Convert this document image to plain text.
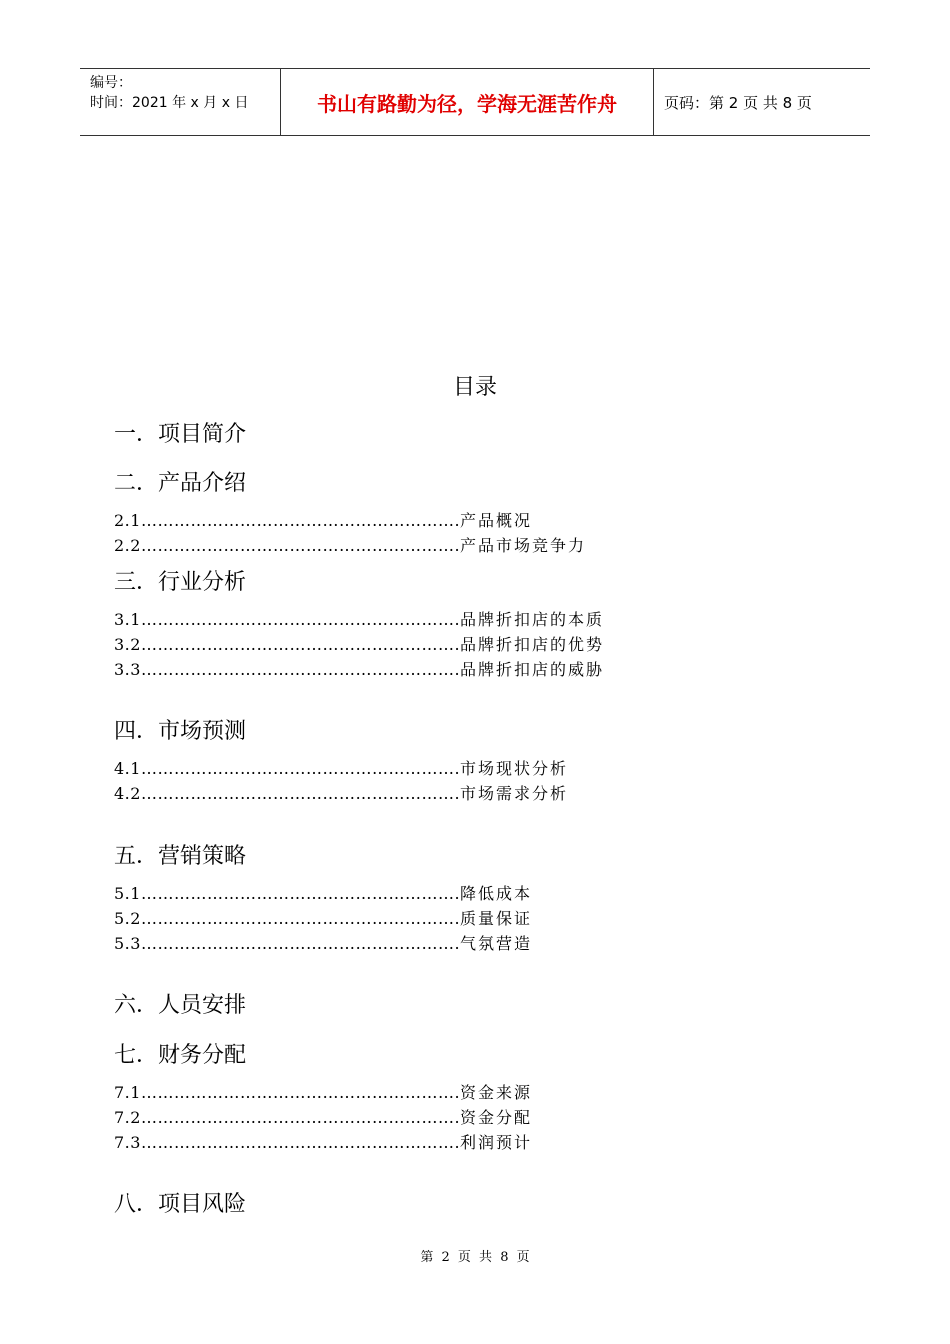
编号：
时间：2021 年 x 月 x 日	书山有路勤为径，学海无涯苦作舟	页码：第 2 页 共 8 页
目录
一．项目简介
二．产品介绍
2.1………………………………………………….产品概况
2.2………………………………………………….产品市场竞争力
三．行业分析
3.1………………………………………………….品牌折扣店的本质
3.2………………………………………………….品牌折扣店的优势
3.3………………………………………………….品牌折扣店的威胁
四．市场预测
4.1………………………………………………….市场现状分析
4.2………………………………………………….市场需求分析
五．营销策略
5.1………………………………………………….降低成本
5.2………………………………………………….质量保证
5.3………………………………………………….气氛营造
六．人员安排
七．财务分配
7.1………………………………………………….资金来源
7.2………………………………………………….资金分配
7.3………………………………………………….利润预计
八．项目风险
第 2 页 共 8 页
